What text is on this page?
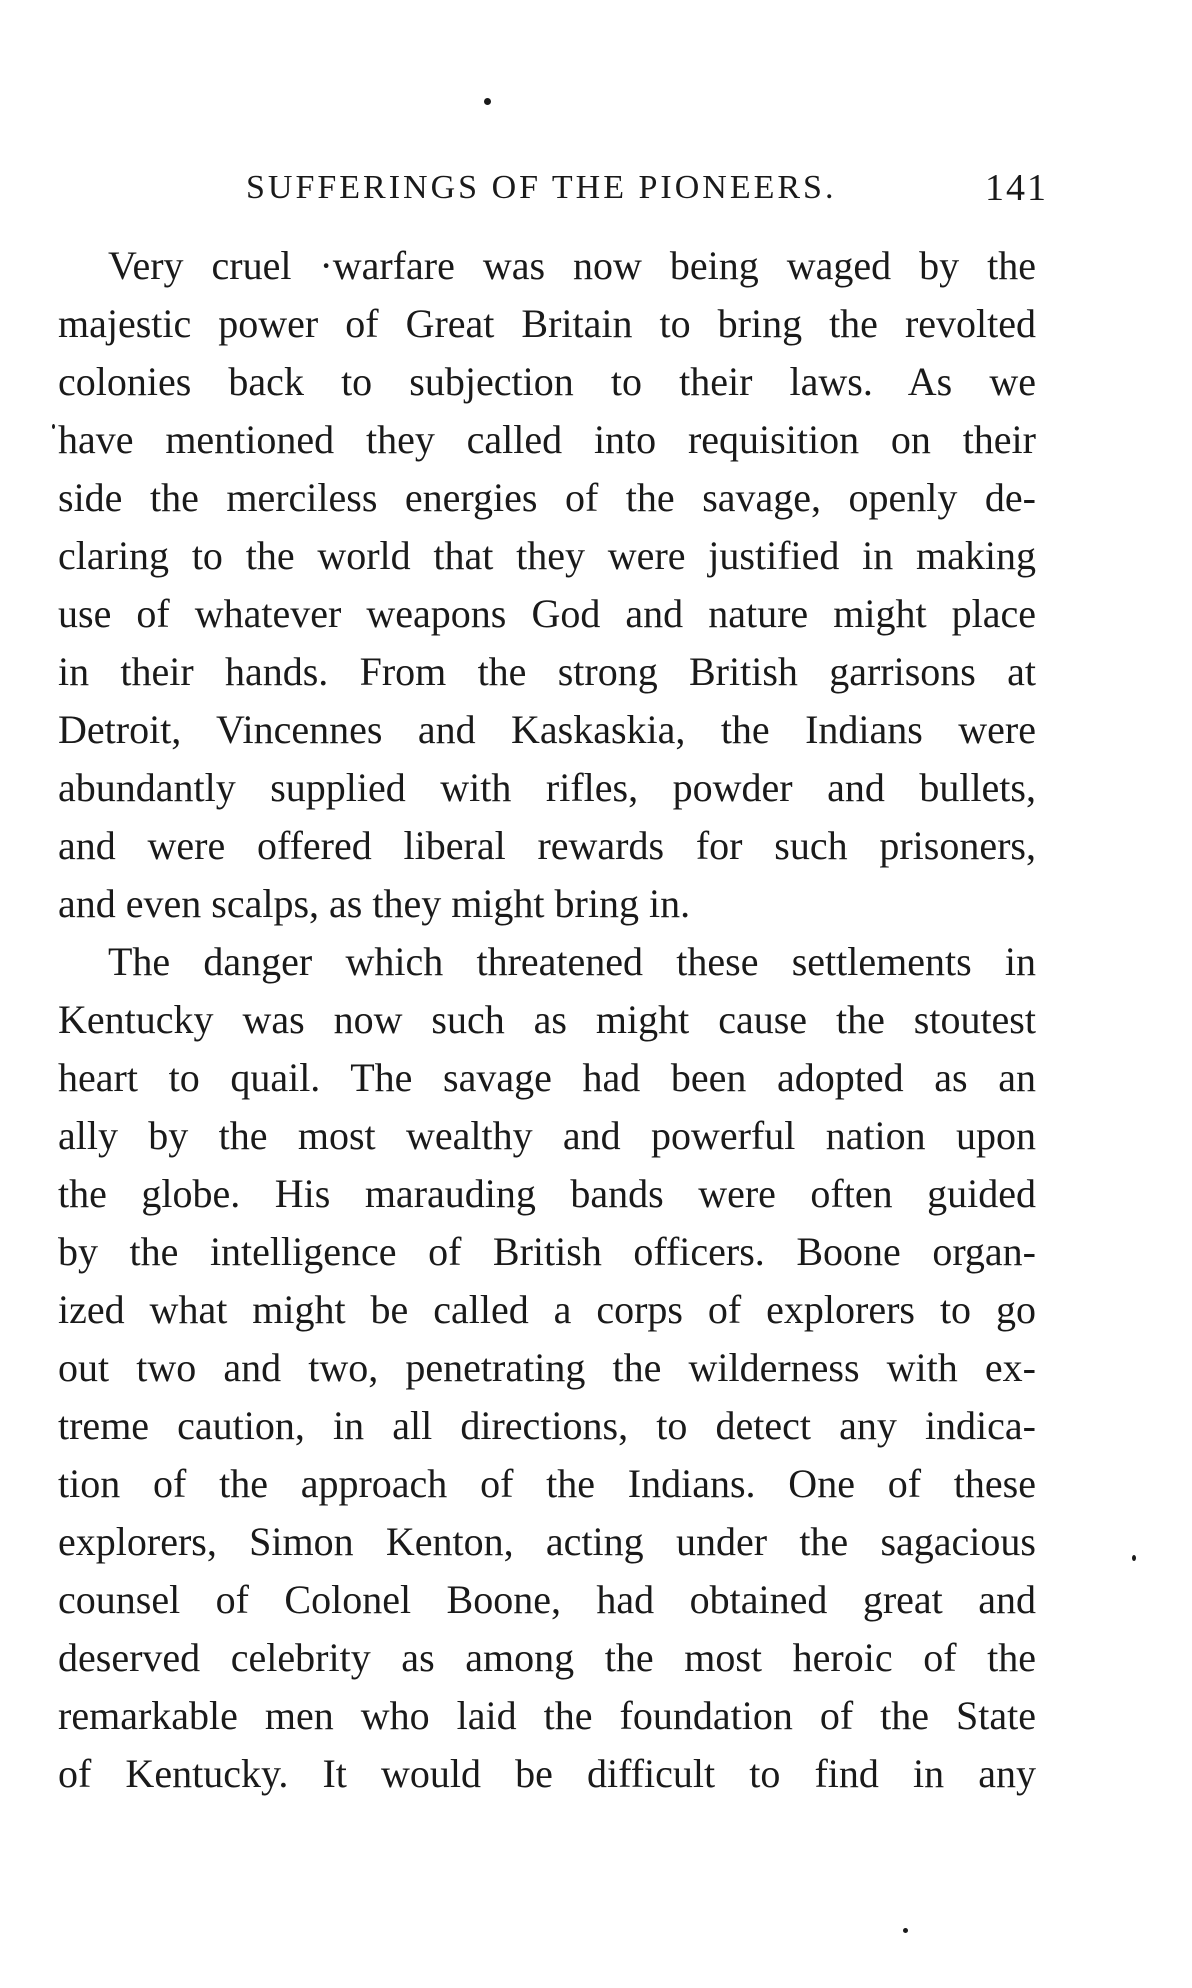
SUFFERINGS OF THE PIONEERS.	141
Very cruel ·warfare was now being waged by the
majestic power of Great Britain to bring the revolted
colonies back to subjection to their laws. As we
have mentioned they called into requisition on their
side the merciless energies of the savage, openly de-
claring to the world that they were justified in making
use of whatever weapons God and nature might place
in their hands. From the strong British garrisons at
Detroit, Vincennes and Kaskaskia, the Indians were
abundantly supplied with rifles, powder and bullets,
and were offered liberal rewards for such prisoners,
and even scalps, as they might bring in.
The danger which threatened these settlements in
Kentucky was now such as might cause the stoutest
heart to quail. The savage had been adopted as an
ally by the most wealthy and powerful nation upon
the globe. His marauding bands were often guided
by the intelligence of British officers. Boone organ-
ized what might be called a corps of explorers to go
out two and two, penetrating the wilderness with ex-
treme caution, in all directions, to detect any indica-
tion of the approach of the Indians. One of these
explorers, Simon Kenton, acting under the sagacious
counsel of Colonel Boone, had obtained great and
deserved celebrity as among the most heroic of the
remarkable men who laid the foundation of the State
of Kentucky. It would be difficult to find in any
